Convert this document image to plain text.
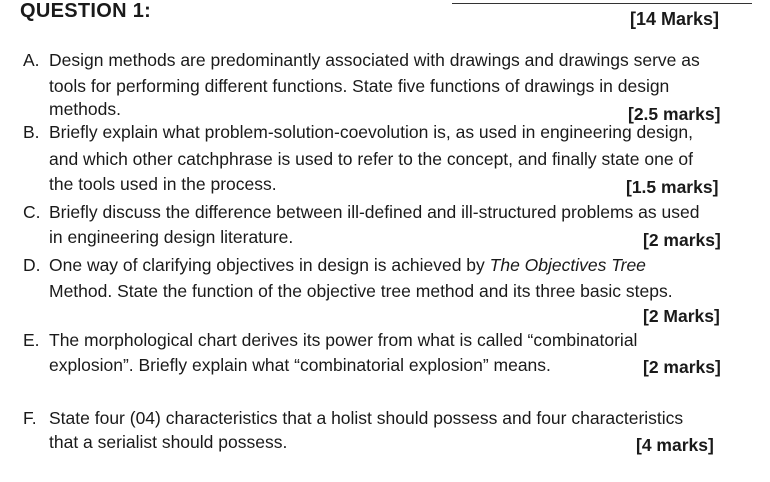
QUESTION 1:	[14 Marks]
A. Design methods are predominantly associated with drawings and drawings serve as
tools for performing different functions. State five functions of drawings in design
methods.	[2.5 marks]
B. Briefly explain what problem-solution-coevolution is, as used in engineering design,
and which other catchphrase is used to refer to the concept, and finally state one of
the tools used in the process.	[1.5 marks]
C. Briefly discuss the difference between ill-defined and ill-structured problems as used
in engineering design literature.	[2 marks]
D. One way of clarifying objectives in design is achieved by The Objectives Tree
Method. State the function of the objective tree method and its three basic steps.
[2 Marks]
E. The morphological chart derives its power from what is called “combinatorial
explosion”. Briefly explain what “combinatorial explosion” means.	[2 marks]
F. State four (04) characteristics that a holist should possess and four characteristics
that a serialist should possess.	[4 marks]
